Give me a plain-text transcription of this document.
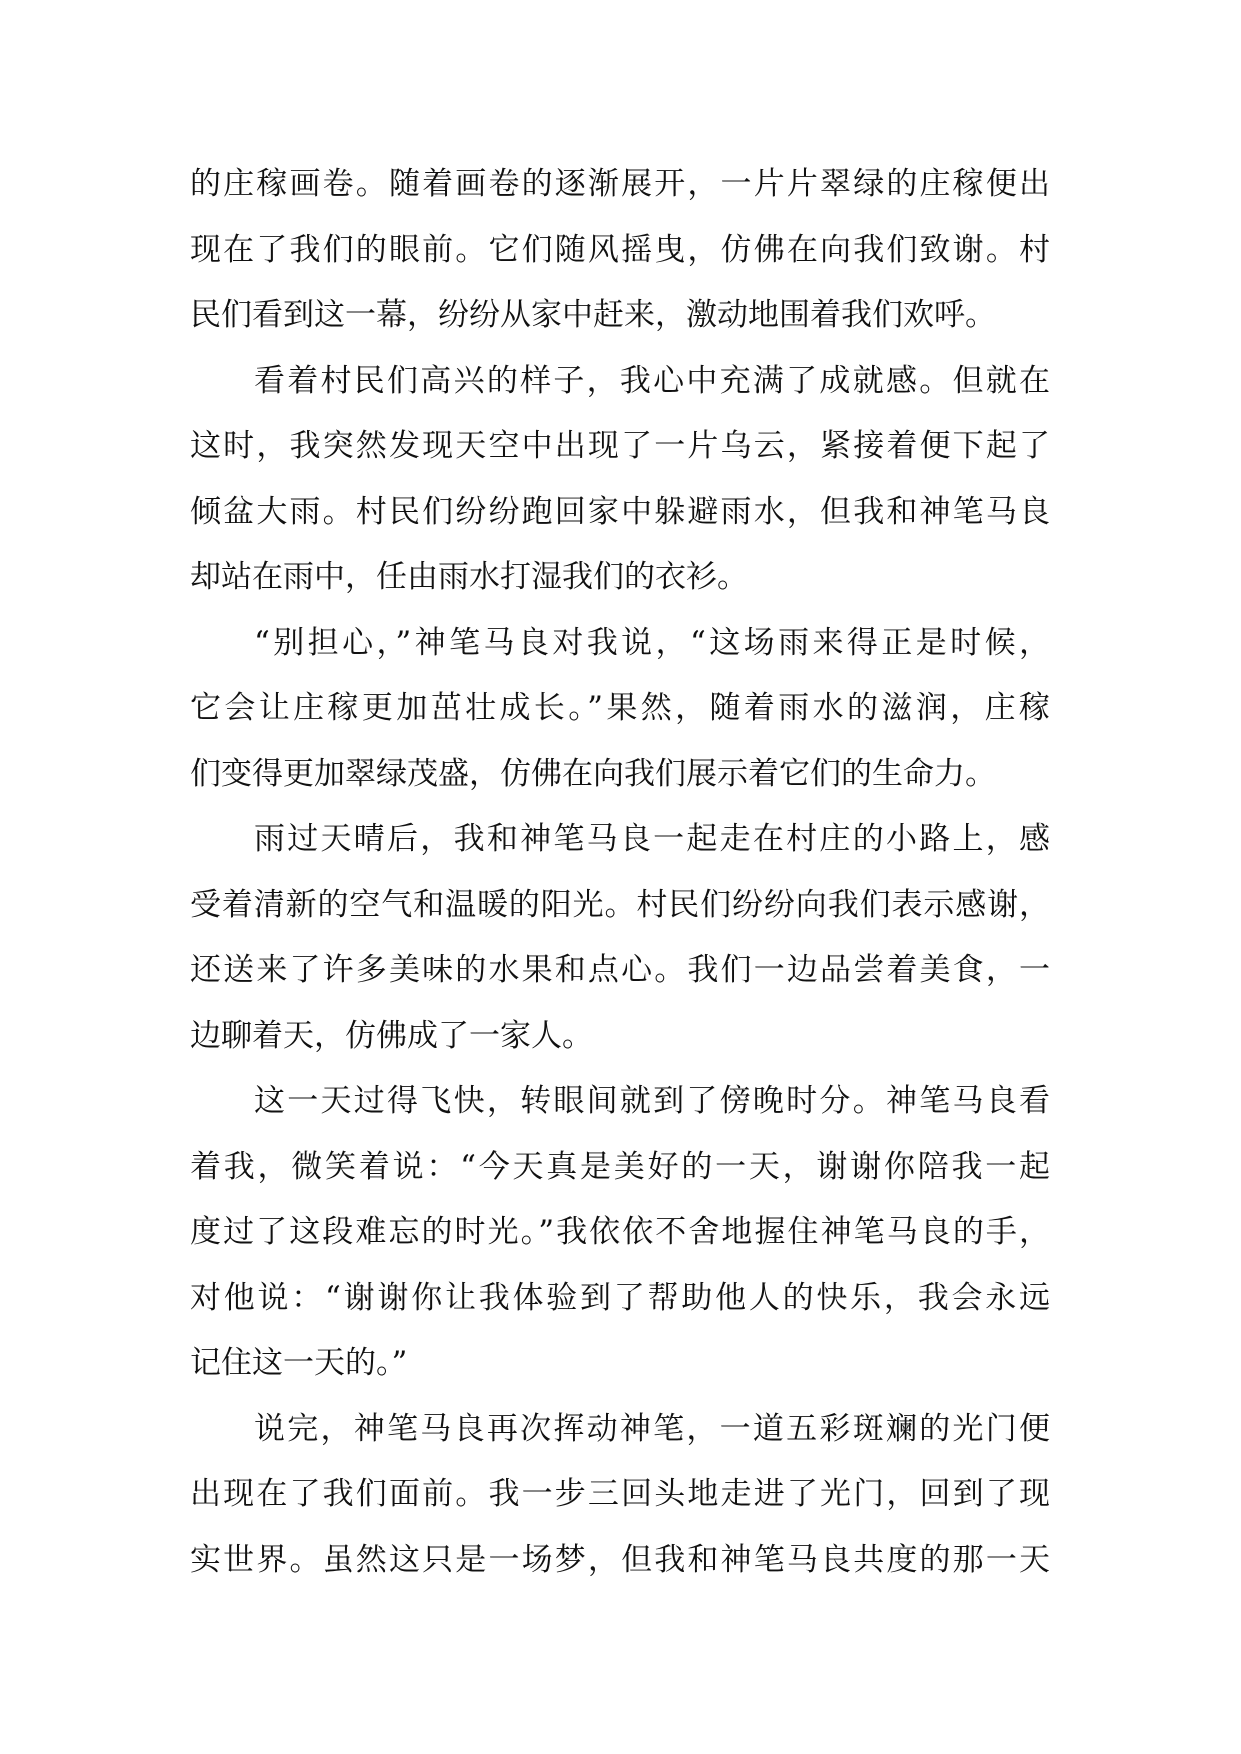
的庄稼画卷。随着画卷的逐渐展开，一片片翠绿的庄稼便出
现在了我们的眼前。它们随风摇曳，仿佛在向我们致谢。村
民们看到这一幕，纷纷从家中赶来，激动地围着我们欢呼。
看着村民们高兴的样子，我心中充满了成就感。但就在
这时，我突然发现天空中出现了一片乌云，紧接着便下起了
倾盆大雨。村民们纷纷跑回家中躲避雨水，但我和神笔马良
却站在雨中，任由雨水打湿我们的衣衫。
“别担心，”神笔马良对我说，“这场雨来得正是时候，
它会让庄稼更加茁壮成长。”果然，随着雨水的滋润，庄稼
们变得更加翠绿茂盛，仿佛在向我们展示着它们的生命力。
雨过天晴后，我和神笔马良一起走在村庄的小路上，感
受着清新的空气和温暖的阳光。村民们纷纷向我们表示感谢，
还送来了许多美味的水果和点心。我们一边品尝着美食，一
边聊着天，仿佛成了一家人。
这一天过得飞快，转眼间就到了傍晚时分。神笔马良看
着我，微笑着说：“今天真是美好的一天，谢谢你陪我一起
度过了这段难忘的时光。”我依依不舍地握住神笔马良的手，
对他说：“谢谢你让我体验到了帮助他人的快乐，我会永远
记住这一天的。”
说完，神笔马良再次挥动神笔，一道五彩斑斓的光门便
出现在了我们面前。我一步三回头地走进了光门，回到了现
实世界。虽然这只是一场梦，但我和神笔马良共度的那一天
